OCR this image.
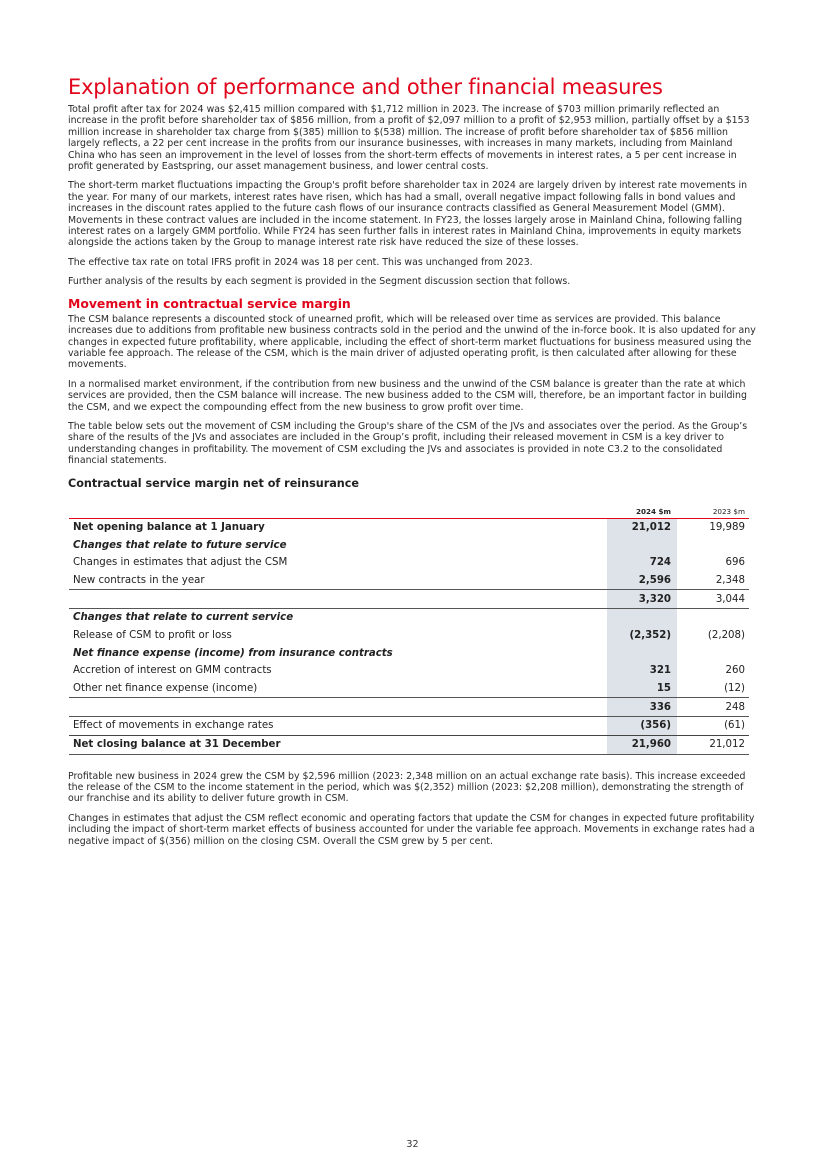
Explanation of performance and other financial measures

Total profit after tax for 2024 was $2,415 million compared with $1,712 million in 2023. The increase of $703 million primarily reflected an increase in the profit before shareholder tax of $856 million, from a profit of $2,097 million to a profit of $2,953 million, partially offset by a $153 million increase in shareholder tax charge from $(385) million to $(538) million. The increase of profit before shareholder tax of $856 million largely reflects, a 22 per cent increase in the profits from our insurance businesses, with increases in many markets, including from Mainland China who has seen an improvement in the level of losses from the short-term effects of movements in interest rates, a 5 per cent increase in profit generated by Eastspring, our asset management business, and lower central costs.

The short-term market fluctuations impacting the Group's profit before shareholder tax in 2024 are largely driven by interest rate movements in the year. For many of our markets, interest rates have risen, which has had a small, overall negative impact following falls in bond values and increases in the discount rates applied to the future cash flows of our insurance contracts classified as General Measurement Model (GMM). Movements in these contract values are included in the income statement. In FY23, the losses largely arose in Mainland China, following falling interest rates on a largely GMM portfolio. While FY24 has seen further falls in interest rates in Mainland China, improvements in equity markets alongside the actions taken by the Group to manage interest rate risk have reduced the size of these losses.

The effective tax rate on total IFRS profit in 2024 was 18 per cent. This was unchanged from 2023.

Further analysis of the results by each segment is provided in the Segment discussion section that follows.

Movement in contractual service margin

The CSM balance represents a discounted stock of unearned profit, which will be released over time as services are provided. This balance increases due to additions from profitable new business contracts sold in the period and the unwind of the in-force book. It is also updated for any changes in expected future profitability, where applicable, including the effect of short-term market fluctuations for business measured using the variable fee approach. The release of the CSM, which is the main driver of adjusted operating profit, is then calculated after allowing for these movements.

In a normalised market environment, if the contribution from new business and the unwind of the CSM balance is greater than the rate at which services are provided, then the CSM balance will increase. The new business added to the CSM will, therefore, be an important factor in building the CSM, and we expect the compounding effect from the new business to grow profit over time.

The table below sets out the movement of CSM including the Group's share of the CSM of the JVs and associates over the period. As the Group’s share of the results of the JVs and associates are included in the Group’s profit, including their released movement in CSM is a key driver to understanding changes in profitability. The movement of CSM excluding the JVs and associates is provided in note C3.2 to the consolidated financial statements.

Contractual service margin net of reinsurance
	2024 $m	2023 $m
Net opening balance at 1 January	21,012	19,989
Changes that relate to future service		
Changes in estimates that adjust the CSM	724	696
New contracts in the year	2,596	2,348
	3,320	3,044
Changes that relate to current service		
Release of CSM to profit or loss	(2,352)	(2,208)
Net finance expense (income) from insurance contracts		
Accretion of interest on GMM contracts	321	260
Other net finance expense (income)	15	(12)
	336	248
Effect of movements in exchange rates	(356)	(61)
Net closing balance at 31 December	21,960	21,012

Profitable new business in 2024 grew the CSM by $2,596 million (2023: 2,348 million on an actual exchange rate basis). This increase exceeded the release of the CSM to the income statement in the period, which was $(2,352) million (2023: $2,208 million), demonstrating the strength of our franchise and its ability to deliver future growth in CSM.

Changes in estimates that adjust the CSM reflect economic and operating factors that update the CSM for changes in expected future profitability including the impact of short-term market effects of business accounted for under the variable fee approach. Movements in exchange rates had a negative impact of $(356) million on the closing CSM. Overall the CSM grew by 5 per cent.

32
